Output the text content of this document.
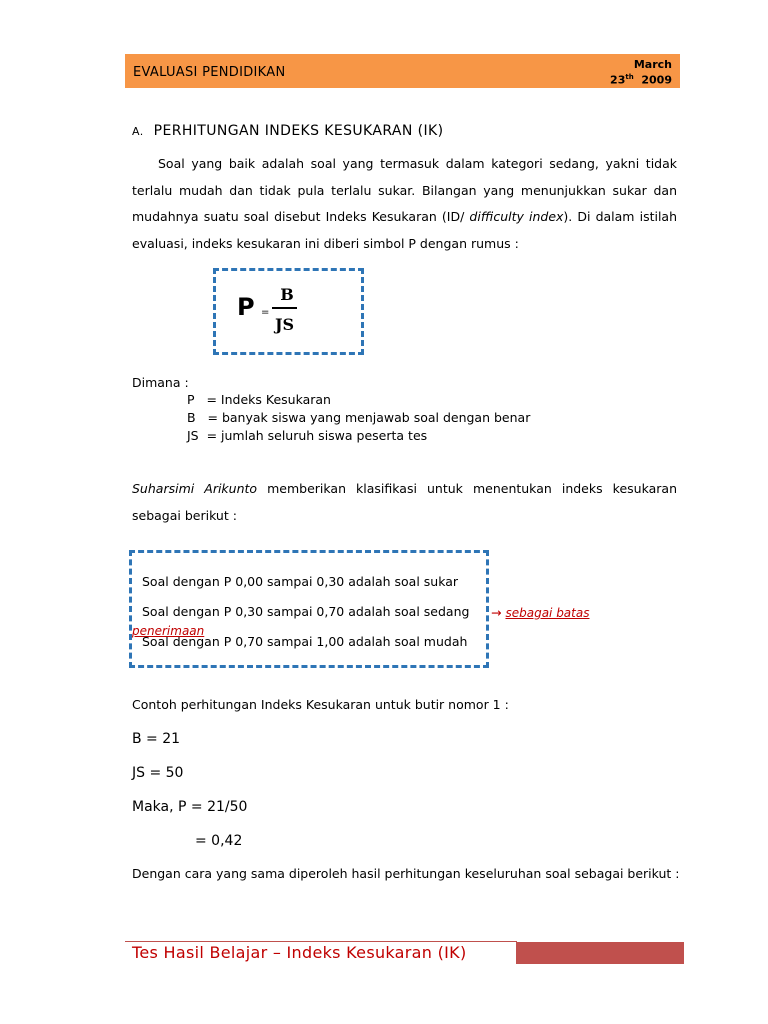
EVALUASI PENDIDIKAN
March
23th 2009
A. PERHITUNGAN INDEKS KESUKARAN (IK)
Soal yang baik adalah soal yang termasuk dalam kategori sedang, yakni tidak terlalu mudah dan tidak pula terlalu sukar. Bilangan yang menunjukkan sukar dan mudahnya suatu soal disebut Indeks Kesukaran (ID/ difficulty index). Di dalam istilah evaluasi, indeks kesukaran ini diberi simbol P dengan rumus :
P =
B
JS
Dimana :
P = Indeks Kesukaran
B = banyak siswa yang menjawab soal dengan benar
JS = jumlah seluruh siswa peserta tes
Suharsimi Arikunto memberikan klasifikasi untuk menentukan indeks kesukaran sebagai berikut :
Soal dengan P 0,00 sampai 0,30 adalah soal sukar
Soal dengan P 0,30 sampai 0,70 adalah soal sedang
Soal dengan P 0,70 sampai 1,00 adalah soal mudah
→ sebagai batas
penerimaan
Contoh perhitungan Indeks Kesukaran untuk butir nomor 1 :
B = 21
JS = 50
Maka, P = 21/50
= 0,42
Dengan cara yang sama diperoleh hasil perhitungan keseluruhan soal sebagai berikut :
Tes Hasil Belajar – Indeks Kesukaran (IK)
